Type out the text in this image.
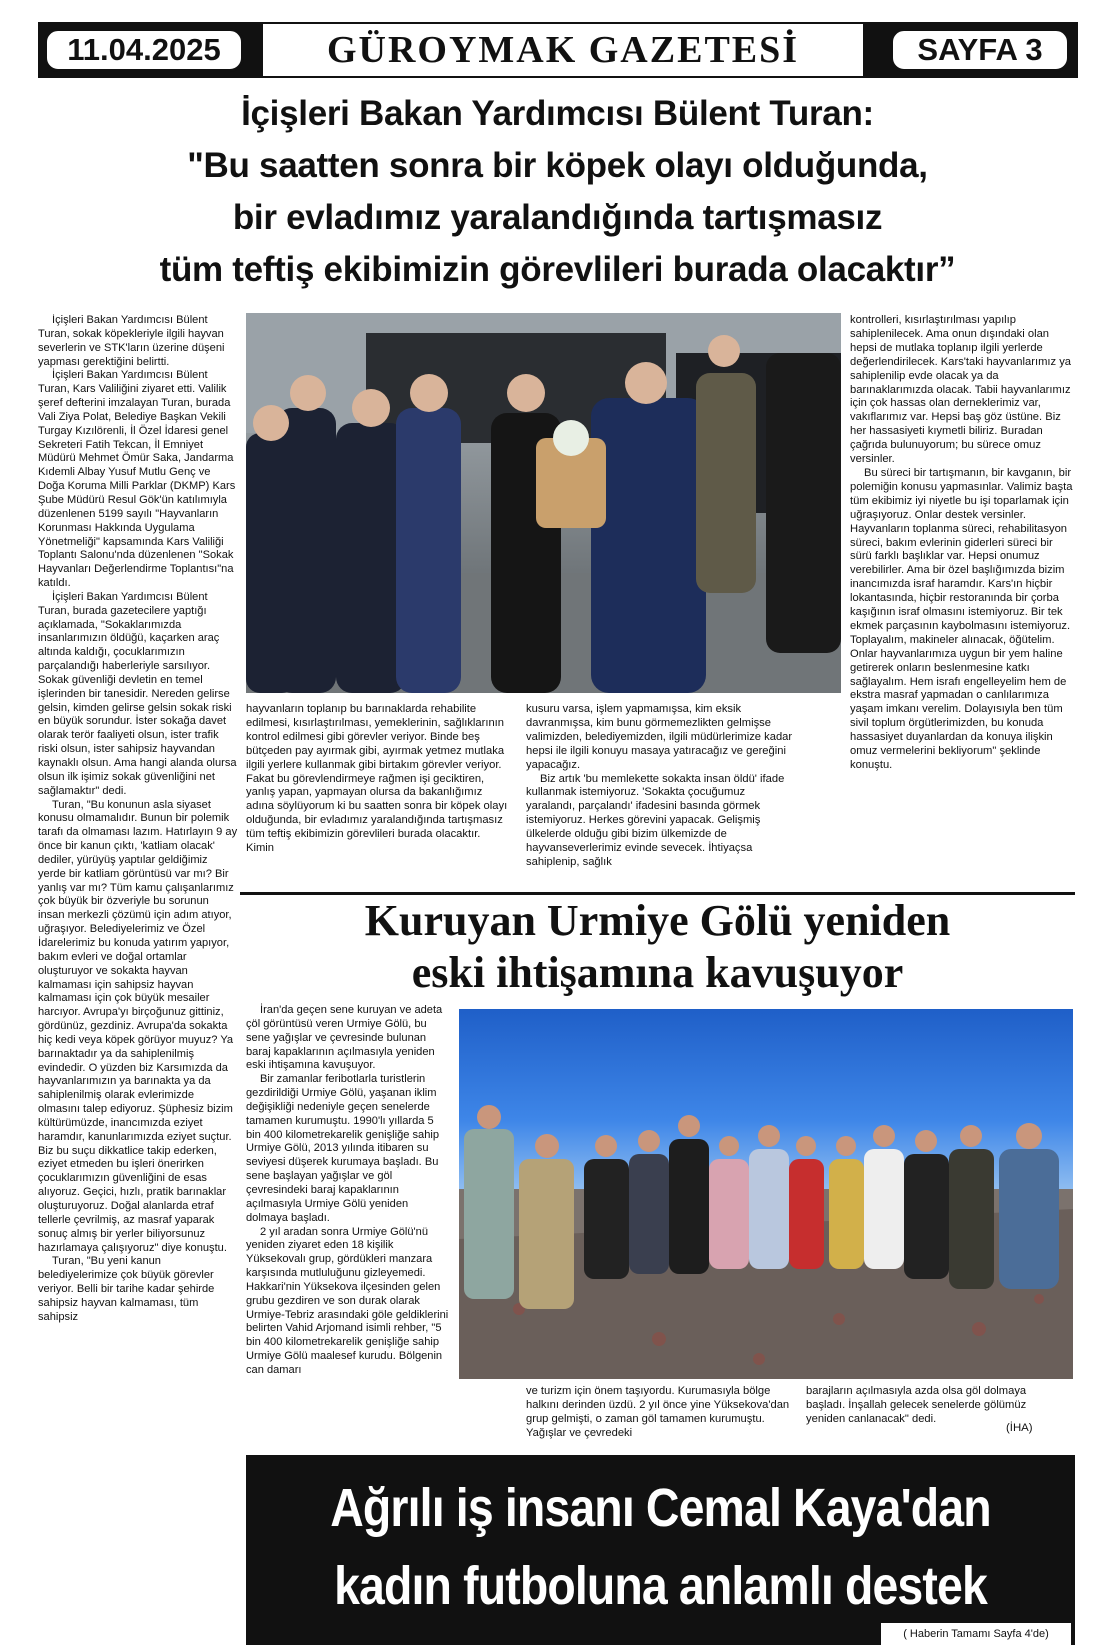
11.04.2025	GÜROYMAK GAZETESİ	SAYFA 3
İçişleri Bakan Yardımcısı Bülent Turan:
"Bu saatten sonra bir köpek olayı olduğunda,
bir evladımız yaralandığında tartışmasız
tüm teftiş ekibimizin görevlileri burada olacaktır”

İçişleri Bakan Yardımcısı Bülent Turan, sokak köpekleriyle ilgili hayvan severlerin ve STK'ların üzerine düşeni yapması gerektiğini belirtti.

İçişleri Bakan Yardımcısı Bülent Turan, Kars Valiliğini ziyaret etti. Valilik şeref defterini imzalayan Turan, burada Vali Ziya Polat, Belediye Başkan Vekili Turgay Kızılörenli, İl Özel İdaresi genel Sekreteri Fatih Tekcan, İl Emniyet Müdürü Mehmet Ömür Saka, Jandarma Kıdemli Albay Yusuf Mutlu Genç ve Doğa Koruma Milli Parklar (DKMP) Kars Şube Müdürü Resul Gök'ün katılımıyla düzenlenen 5199 sayılı "Hayvanların Korunması Hakkında Uygulama Yönetmeliği" kapsamında Kars Valiliği Toplantı Salonu'nda düzenlenen "Sokak Hayvanları Değerlendirme Toplantısı"na katıldı.

İçişleri Bakan Yardımcısı Bülent Turan, burada gazetecilere yaptığı açıklamada, "Sokaklarımızda insanlarımızın öldüğü, kaçarken araç altında kaldığı, çocuklarımızın parçalandığı haberleriyle sarsılıyor. Sokak güvenliği devletin en temel işlerinden bir tanesidir. Nereden gelirse gelsin, kimden gelirse gelsin sokak riski en büyük sorundur. İster sokağa davet olarak terör faaliyeti olsun, ister trafik riski olsun, ister sahipsiz hayvandan kaynaklı olsun. Ama hangi alanda olursa olsun ilk işimiz sokak güvenliğini net sağlamaktır" dedi.

Turan, "Bu konunun asla siyaset konusu olmamalıdır. Bunun bir polemik tarafı da olmaması lazım. Hatırlayın 9 ay önce bir kanun çıktı, 'katliam olacak' dediler, yürüyüş yaptılar geldiğimiz yerde bir katliam görüntüsü var mı? Bir yanlış var mı? Tüm kamu çalışanlarımız çok büyük bir özveriyle bu sorunun insan merkezli çözümü için adım atıyor, uğraşıyor. Belediyelerimiz ve Özel İdarelerimiz bu konuda yatırım yapıyor, bakım evleri ve doğal ortamlar oluşturuyor ve sokakta hayvan kalmaması için sahipsiz hayvan kalmaması için çok büyük mesailer harcıyor. Avrupa'yı birçoğunuz gittiniz, gördünüz, gezdiniz. Avrupa'da sokakta hiç kedi veya köpek görüyor muyuz? Ya barınaktadır ya da sahiplenilmiş evindedir. O yüzden biz Karsımızda da hayvanlarımızın ya barınakta ya da sahiplenilmiş olarak evlerimizde olmasını talep ediyoruz. Şüphesiz bizim kültürümüzde, inancımızda eziyet haramdır, kanunlarımızda eziyet suçtur. Biz bu suçu dikkatlice takip ederken, eziyet etmeden bu işleri önerirken çocuklarımızın güvenliğini de esas alıyoruz. Geçici, hızlı, pratik barınaklar oluşturuyoruz. Doğal alanlarda etraf tellerle çevrilmiş, az masraf yaparak sonuç almış bir yerler biliyorsunuz hazırlamaya çalışıyoruz" diye konuştu.

Turan, "Bu yeni kanun belediyelerimize çok büyük görevler veriyor. Belli bir tarihe kadar şehirde sahipsiz hayvan kalmaması, tüm sahipsiz

hayvanların toplanıp bu barınaklarda rehabilite edilmesi, kısırlaştırılması, yemeklerinin, sağlıklarının kontrol edilmesi gibi görevler veriyor. Binde beş bütçeden pay ayırmak gibi, ayırmak yetmez mutlaka ilgili yerlere kullanmak gibi birtakım görevler veriyor. Fakat bu görevlendirmeye rağmen işi geciktiren, yanlış yapan, yapmayan olursa da bakanlığımız adına söylüyorum ki bu saatten sonra bir köpek olayı olduğunda, bir evladımız yaralandığında tartışmasız tüm teftiş ekibimizin görevlileri burada olacaktır. Kimin

kusuru varsa, işlem yapmamışsa, kim eksik davranmışsa, kim bunu görmemezlikten gelmişse valimizden, belediyemizden, ilgili müdürlerimize kadar hepsi ile ilgili konuyu masaya yatıracağız ve gereğini yapacağız.

Biz artık 'bu memlekette sokakta insan öldü' ifade kullanmak istemiyoruz. 'Sokakta çocuğumuz yaralandı, parçalandı' ifadesini basında görmek istemiyoruz. Herkes görevini yapacak. Gelişmiş ülkelerde olduğu gibi bizim ülkemizde de hayvanseverlerimiz evinde sevecek. İhtiyaçsa sahiplenip, sağlık

kontrolleri, kısırlaştırılması yapılıp sahiplenilecek. Ama onun dışındaki olan hepsi de mutlaka toplanıp ilgili yerlerde değerlendirilecek. Kars'taki hayvanlarımız ya sahiplenilip evde olacak ya da barınaklarımızda olacak. Tabii hayvanlarımız için çok hassas olan derneklerimiz var, vakıflarımız var. Hepsi baş göz üstüne. Biz her hassasiyeti kıymetli biliriz. Buradan çağrıda bulunuyorum; bu sürece omuz versinler.

Bu süreci bir tartışmanın, bir kavganın, bir polemiğin konusu yapmasınlar. Valimiz başta tüm ekibimiz iyi niyetle bu işi toparlamak için uğraşıyoruz. Onlar destek versinler. Hayvanların toplanma süreci, rehabilitasyon süreci, bakım evlerinin giderleri süreci bir sürü farklı başlıklar var. Hepsi onumuz verebilirler. Ama bir özel başlığımızda bizim inancımızda israf haramdır. Kars'ın hiçbir lokantasında, hiçbir restoranında bir çorba kaşığının israf olmasını istemiyoruz. Bir tek ekmek parçasının kaybolmasını istemiyoruz. Toplayalım, makineler alınacak, öğütelim. Onlar hayvanlarımıza uygun bir yem haline getirerek onların beslenmesine katkı sağlayalım. Hem israfı engelleyelim hem de ekstra masraf yapmadan o canlılarımıza yaşam imkanı verelim. Dolayısıyla ben tüm sivil toplum örgütlerimizden, bu konuda hassasiyet duyanlardan da konuya ilişkin omuz vermelerini bekliyorum" şeklinde konuştu.

Kuruyan Urmiye Gölü yeniden
eski ihtişamına kavuşuyor

İran'da geçen sene kuruyan ve adeta çöl görüntüsü veren Urmiye Gölü, bu sene yağışlar ve çevresinde bulunan baraj kapaklarının açılmasıyla yeniden eski ihtişamına kavuşuyor.

Bir zamanlar feribotlarla turistlerin gezdirildiği Urmiye Gölü, yaşanan iklim değişikliği nedeniyle geçen senelerde tamamen kurumuştu. 1990'lı yıllarda 5 bin 400 kilometrekarelik genişliğe sahip Urmiye Gölü, 2013 yılında itibaren su seviyesi düşerek kurumaya başladı. Bu sene başlayan yağışlar ve göl çevresindeki baraj kapaklarının açılmasıyla Urmiye Gölü yeniden dolmaya başladı.

2 yıl aradan sonra Urmiye Gölü'nü yeniden ziyaret eden 18 kişilik Yüksekovalı grup, gördükleri manzara karşısında mutluluğunu gizleyemedi. Hakkari'nin Yüksekova ilçesinden gelen grubu gezdiren ve son durak olarak Urmiye-Tebriz arasındaki göle geldiklerini belirten Vahid Arjomand isimli rehber, "5 bin 400 kilometrekarelik genişliğe sahip Urmiye Gölü maalesef kurudu. Bölgenin can damarı

ve turizm için önem taşıyordu. Kurumasıyla bölge halkını derinden üzdü. 2 yıl önce yine Yüksekova'dan grup gelmişti, o zaman göl tamamen kurumuştu. Yağışlar ve çevredeki
barajların açılmasıyla azda olsa göl dolmaya başladı. İnşallah gelecek senelerde gölümüz yeniden canlanacak" dedi.
(İHA)
Ağrılı iş insanı Cemal Kaya'dan
kadın futboluna anlamlı destek
( Haberin Tamamı Sayfa 4'de)
